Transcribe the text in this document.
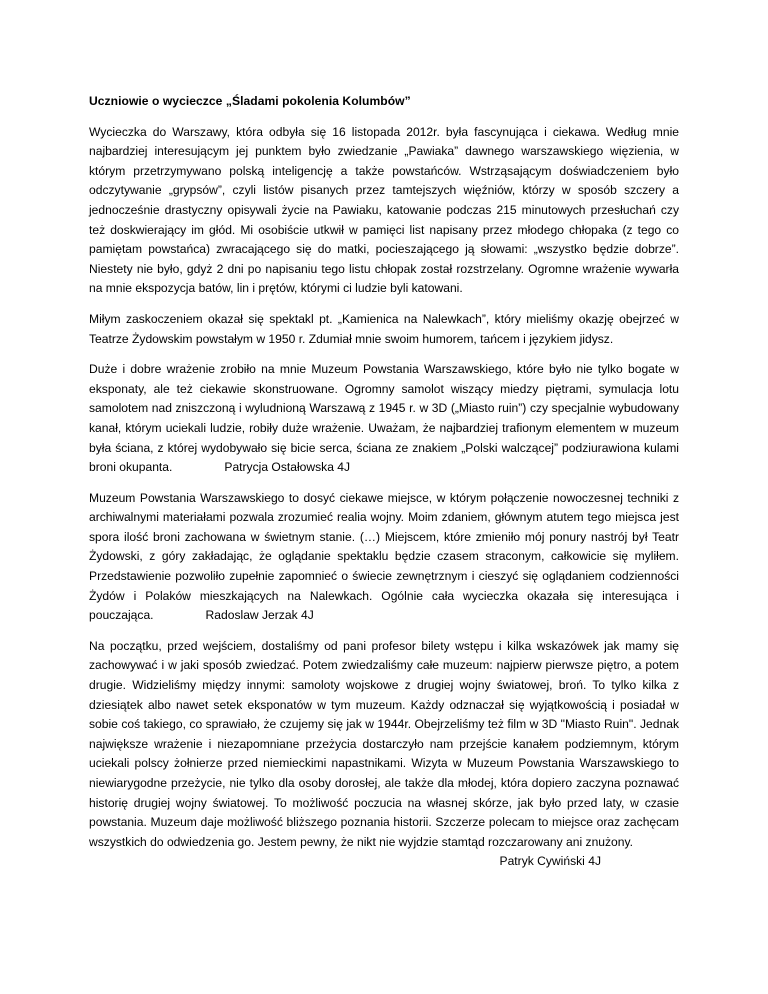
Uczniowie o wycieczce „Śladami pokolenia Kolumbów”

Wycieczka do Warszawy, która odbyła się 16 listopada 2012r. była fascynująca i ciekawa. Według mnie najbardziej interesującym jej punktem było zwiedzanie „Pawiaka” dawnego warszawskiego więzienia, w którym przetrzymywano polską inteligencję a także powstańców. Wstrząsającym doświadczeniem było odczytywanie „grypsów”, czyli listów pisanych przez tamtejszych więźniów, którzy w sposób szczery a jednocześnie drastyczny opisywali życie na Pawiaku, katowanie podczas 215 minutowych przesłuchań czy też doskwierający im głód. Mi osobiście utkwił w pamięci list napisany przez młodego chłopaka (z tego co pamiętam powstańca) zwracającego się do matki, pocieszającego ją słowami: „wszystko będzie dobrze”. Niestety nie było, gdyż 2 dni po napisaniu tego listu chłopak został rozstrzelany. Ogromne wrażenie wywarła na mnie ekspozycja batów, lin i prętów, którymi ci ludzie byli katowani.

Miłym zaskoczeniem okazał się spektakl pt. „Kamienica na Nalewkach”, który mieliśmy okazję obejrzeć w Teatrze Żydowskim powstałym w 1950 r. Zdumiał mnie swoim humorem, tańcem i językiem jidysz.

Duże i dobre wrażenie zrobiło na mnie Muzeum Powstania Warszawskiego, które było nie tylko bogate w eksponaty, ale też ciekawie skonstruowane. Ogromny samolot wiszący miedzy piętrami, symulacja lotu samolotem nad zniszczoną i wyludnioną Warszawą z 1945 r. w 3D („Miasto ruin”) czy specjalnie wybudowany kanał, którym uciekali ludzie, robiły duże wrażenie. Uważam, że najbardziej trafionym elementem w muzeum była ściana, z której wydobywało się bicie serca, ściana ze znakiem „Polski walczącej” podziurawiona kulami broni okupanta.	Patrycja Ostałowska 4J

Muzeum Powstania Warszawskiego to dosyć ciekawe miejsce, w którym połączenie nowoczesnej techniki z archiwalnymi materiałami pozwala zrozumieć realia wojny. Moim zdaniem, głównym atutem tego miejsca jest spora ilość broni zachowana w świetnym stanie. (…) Miejscem, które zmieniło mój ponury nastrój był Teatr Żydowski, z góry zakładając, że oglądanie spektaklu będzie czasem straconym, całkowicie się myliłem. Przedstawienie pozwoliło zupełnie zapomnieć o świecie zewnętrznym i cieszyć się oglądaniem codzienności Żydów i Polaków mieszkających na Nalewkach. Ogólnie cała wycieczka okazała się interesująca i pouczająca.	Radoslaw Jerzak 4J

Na początku, przed wejściem, dostaliśmy od pani profesor bilety wstępu i kilka wskazówek jak mamy się zachowywać i w jaki sposób zwiedzać. Potem zwiedzaliśmy całe muzeum: najpierw pierwsze piętro, a potem drugie. Widzieliśmy między innymi: samoloty wojskowe z drugiej wojny światowej, broń. To tylko kilka z dziesiątek albo nawet setek eksponatów w tym muzeum. Każdy odznaczał się wyjątkowością i posiadał w sobie coś takiego, co sprawiało, że czujemy się jak w 1944r. Obejrzeliśmy też film w 3D "Miasto Ruin". Jednak największe wrażenie i niezapomniane przeżycia dostarczyło nam przejście kanałem podziemnym, którym uciekali polscy żołnierze przed niemieckimi napastnikami. Wizyta w Muzeum Powstania Warszawskiego to niewiarygodne przeżycie, nie tylko dla osoby dorosłej, ale także dla młodej, która dopiero zaczyna poznawać historię drugiej wojny światowej. To możliwość poczucia na własnej skórze, jak było przed laty, w czasie powstania. Muzeum daje możliwość bliższego poznania historii. Szczerze polecam to miejsce oraz zachęcam wszystkich do odwiedzenia go. Jestem pewny, że nikt nie wyjdzie stamtąd rozczarowany ani znużony.
Patryk Cywiński 4J
